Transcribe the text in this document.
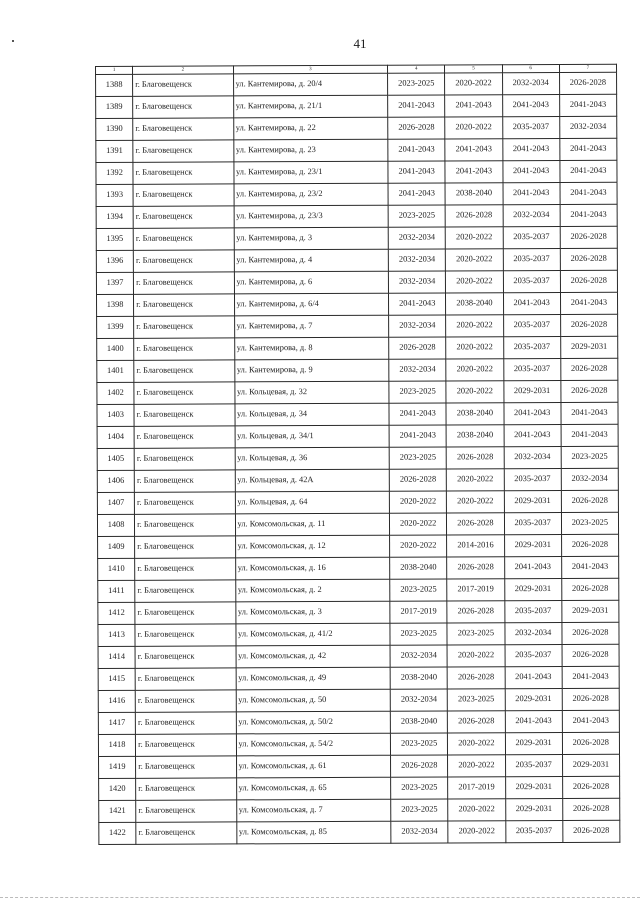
41
1	2	3	4	5	6	7
1388	г. Благовещенск	ул. Кантемирова, д. 20/4	2023-2025	2020-2022	2032-2034	2026-2028
1389	г. Благовещенск	ул. Кантемирова, д. 21/1	2041-2043	2041-2043	2041-2043	2041-2043
1390	г. Благовещенск	ул. Кантемирова, д. 22	2026-2028	2020-2022	2035-2037	2032-2034
1391	г. Благовещенск	ул. Кантемирова, д. 23	2041-2043	2041-2043	2041-2043	2041-2043
1392	г. Благовещенск	ул. Кантемирова, д. 23/1	2041-2043	2041-2043	2041-2043	2041-2043
1393	г. Благовещенск	ул. Кантемирова, д. 23/2	2041-2043	2038-2040	2041-2043	2041-2043
1394	г. Благовещенск	ул. Кантемирова, д. 23/3	2023-2025	2026-2028	2032-2034	2041-2043
1395	г. Благовещенск	ул. Кантемирова, д. 3	2032-2034	2020-2022	2035-2037	2026-2028
1396	г. Благовещенск	ул. Кантемирова, д. 4	2032-2034	2020-2022	2035-2037	2026-2028
1397	г. Благовещенск	ул. Кантемирова, д. 6	2032-2034	2020-2022	2035-2037	2026-2028
1398	г. Благовещенск	ул. Кантемирова, д. 6/4	2041-2043	2038-2040	2041-2043	2041-2043
1399	г. Благовещенск	ул. Кантемирова, д. 7	2032-2034	2020-2022	2035-2037	2026-2028
1400	г. Благовещенск	ул. Кантемирова, д. 8	2026-2028	2020-2022	2035-2037	2029-2031
1401	г. Благовещенск	ул. Кантемирова, д. 9	2032-2034	2020-2022	2035-2037	2026-2028
1402	г. Благовещенск	ул. Кольцевая, д. 32	2023-2025	2020-2022	2029-2031	2026-2028
1403	г. Благовещенск	ул. Кольцевая, д. 34	2041-2043	2038-2040	2041-2043	2041-2043
1404	г. Благовещенск	ул. Кольцевая, д. 34/1	2041-2043	2038-2040	2041-2043	2041-2043
1405	г. Благовещенск	ул. Кольцевая, д. 36	2023-2025	2026-2028	2032-2034	2023-2025
1406	г. Благовещенск	ул. Кольцевая, д. 42А	2026-2028	2020-2022	2035-2037	2032-2034
1407	г. Благовещенск	ул. Кольцевая, д. 64	2020-2022	2020-2022	2029-2031	2026-2028
1408	г. Благовещенск	ул. Комсомольская, д. 11	2020-2022	2026-2028	2035-2037	2023-2025
1409	г. Благовещенск	ул. Комсомольская, д. 12	2020-2022	2014-2016	2029-2031	2026-2028
1410	г. Благовещенск	ул. Комсомольская, д. 16	2038-2040	2026-2028	2041-2043	2041-2043
1411	г. Благовещенск	ул. Комсомольская, д. 2	2023-2025	2017-2019	2029-2031	2026-2028
1412	г. Благовещенск	ул. Комсомольская, д. 3	2017-2019	2026-2028	2035-2037	2029-2031
1413	г. Благовещенск	ул. Комсомольская, д. 41/2	2023-2025	2023-2025	2032-2034	2026-2028
1414	г. Благовещенск	ул. Комсомольская, д. 42	2032-2034	2020-2022	2035-2037	2026-2028
1415	г. Благовещенск	ул. Комсомольская, д. 49	2038-2040	2026-2028	2041-2043	2041-2043
1416	г. Благовещенск	ул. Комсомольская, д. 50	2032-2034	2023-2025	2029-2031	2026-2028
1417	г. Благовещенск	ул. Комсомольская, д. 50/2	2038-2040	2026-2028	2041-2043	2041-2043
1418	г. Благовещенск	ул. Комсомольская, д. 54/2	2023-2025	2020-2022	2029-2031	2026-2028
1419	г. Благовещенск	ул. Комсомольская, д. 61	2026-2028	2020-2022	2035-2037	2029-2031
1420	г. Благовещенск	ул. Комсомольская, д. 65	2023-2025	2017-2019	2029-2031	2026-2028
1421	г. Благовещенск	ул. Комсомольская, д. 7	2023-2025	2020-2022	2029-2031	2026-2028
1422	г. Благовещенск	ул. Комсомольская, д. 85	2032-2034	2020-2022	2035-2037	2026-2028
